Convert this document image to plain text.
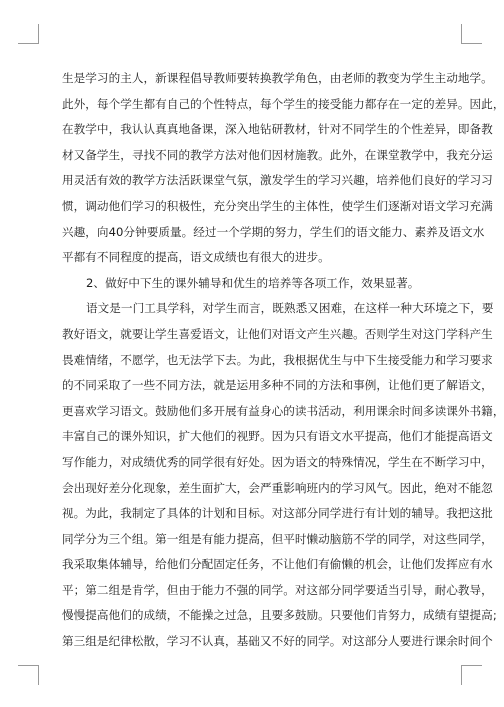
生是学习的主人，新课程倡导教师要转换教学角色，由老师的教变为学生主动地学。
此外，每个学生都有自己的个性特点，每个学生的接受能力都存在一定的差异。因此，
在教学中，我认认真真地备课，深入地钻研教材，针对不同学生的个性差异，即备教
材又备学生，寻找不同的教学方法对他们因材施教。此外，在课堂教学中，我充分运
用灵活有效的教学方法活跃课堂气氛，激发学生的学习兴趣，培养他们良好的学习习
惯，调动他们学习的积极性，充分突出学生的主体性，使学生们逐渐对语文学习充满
兴趣，向40分钟要质量。经过一个学期的努力，学生们的语文能力、素养及语文水
平都有不同程度的提高，语文成绩也有很大的进步。
2、做好中下生的课外辅导和优生的培养等各项工作，效果显著。
语文是一门工具学科，对学生而言，既熟悉又困难，在这样一种大环境之下，要
教好语文，就要让学生喜爱语文，让他们对语文产生兴趣。否则学生对这门学科产生
畏难情绪，不愿学，也无法学下去。为此，我根据优生与中下生接受能力和学习要求
的不同采取了一些不同方法，就是运用多种不同的方法和事例，让他们更了解语文，
更喜欢学习语文。鼓励他们多开展有益身心的读书活动，利用课余时间多读课外书籍，
丰富自己的课外知识，扩大他们的视野。因为只有语文水平提高，他们才能提高语文
写作能力，对成绩优秀的同学很有好处。因为语文的特殊情况，学生在不断学习中，
会出现好差分化现象，差生面扩大，会严重影响班内的学习风气。因此，绝对不能忽
视。为此，我制定了具体的计划和目标。对这部分同学进行有计划的辅导。我把这批
同学分为三个组。第一组是有能力提高，但平时懒动脑筋不学的同学，对这些同学，
我采取集体辅导，给他们分配固定任务，不让他们有偷懒的机会，让他们发挥应有水
平；第二组是肯学，但由于能力不强的同学。对这部分同学要适当引导，耐心教导，
慢慢提高他们的成绩，不能操之过急，且要多鼓励。只要他们肯努力，成绩有望提高;
第三组是纪律松散，学习不认真，基础又不好的同学。对这部分人要进行课余时间个
